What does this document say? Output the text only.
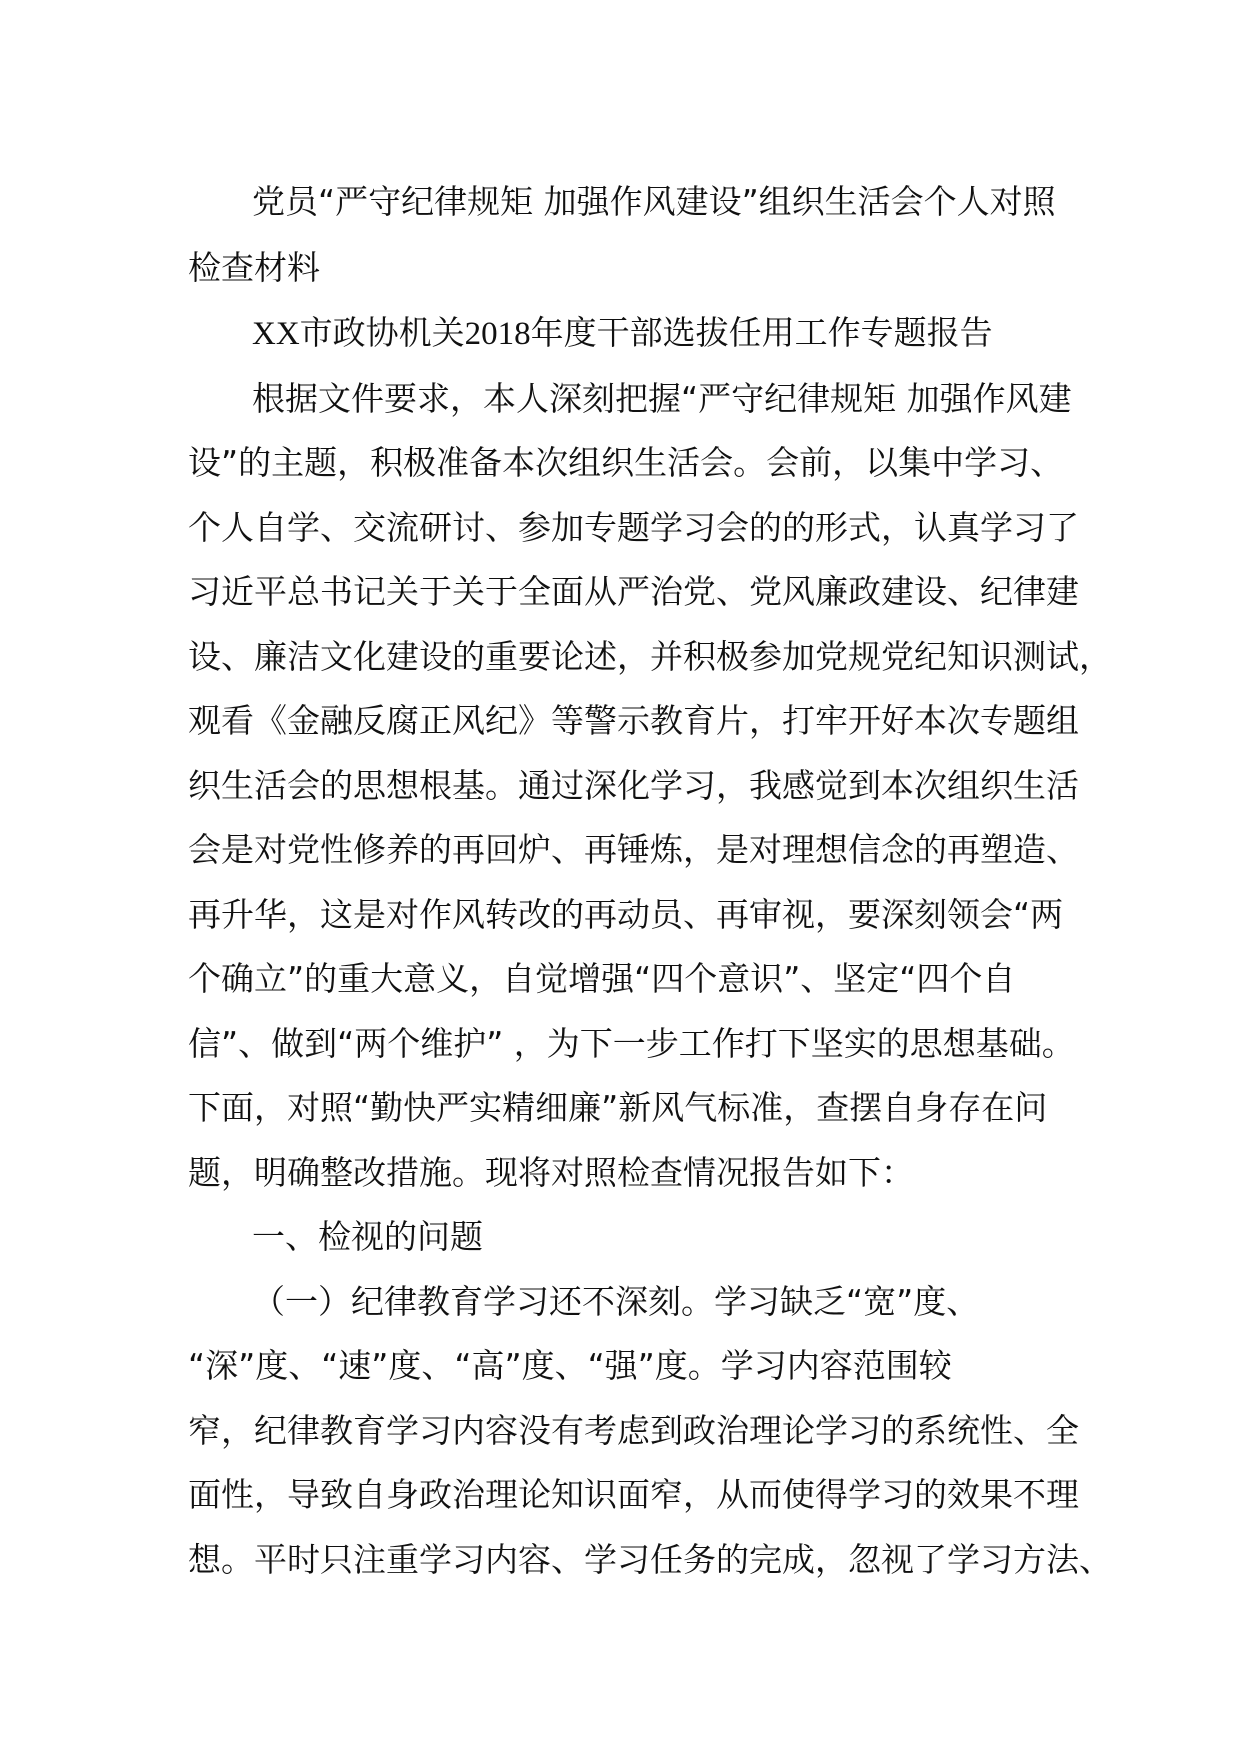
党员“严守纪律规矩 加强作风建设”组织生活会个人对照
检查材料
XX市政协机关2018年度干部选拔任用工作专题报告
根据文件要求，本人深刻把握“严守纪律规矩 加强作风建
设”的主题，积极准备本次组织生活会。会前，以集中学习、
个人自学、交流研讨、参加专题学习会的的形式，认真学习了
习近平总书记关于关于全面从严治党、党风廉政建设、纪律建
设、廉洁文化建设的重要论述，并积极参加党规党纪知识测试，
观看《金融反腐正风纪》等警示教育片，打牢开好本次专题组
织生活会的思想根基。通过深化学习，我感觉到本次组织生活
会是对党性修养的再回炉、再锤炼，是对理想信念的再塑造、
再升华，这是对作风转改的再动员、再审视，要深刻领会“两
个确立”的重大意义，自觉增强“四个意识”、坚定“四个自
信”、做到“两个维护” ，为下一步工作打下坚实的思想基础。
下面，对照“勤快严实精细廉”新风气标准，查摆自身存在问
题，明确整改措施。现将对照检查情况报告如下：
一、检视的问题
（一）纪律教育学习还不深刻。学习缺乏“宽”度、
“深”度、“速”度、“高”度、“强”度。学习内容范围较
窄，纪律教育学习内容没有考虑到政治理论学习的系统性、全
面性，导致自身政治理论知识面窄，从而使得学习的效果不理
想。平时只注重学习内容、学习任务的完成，忽视了学习方法、
